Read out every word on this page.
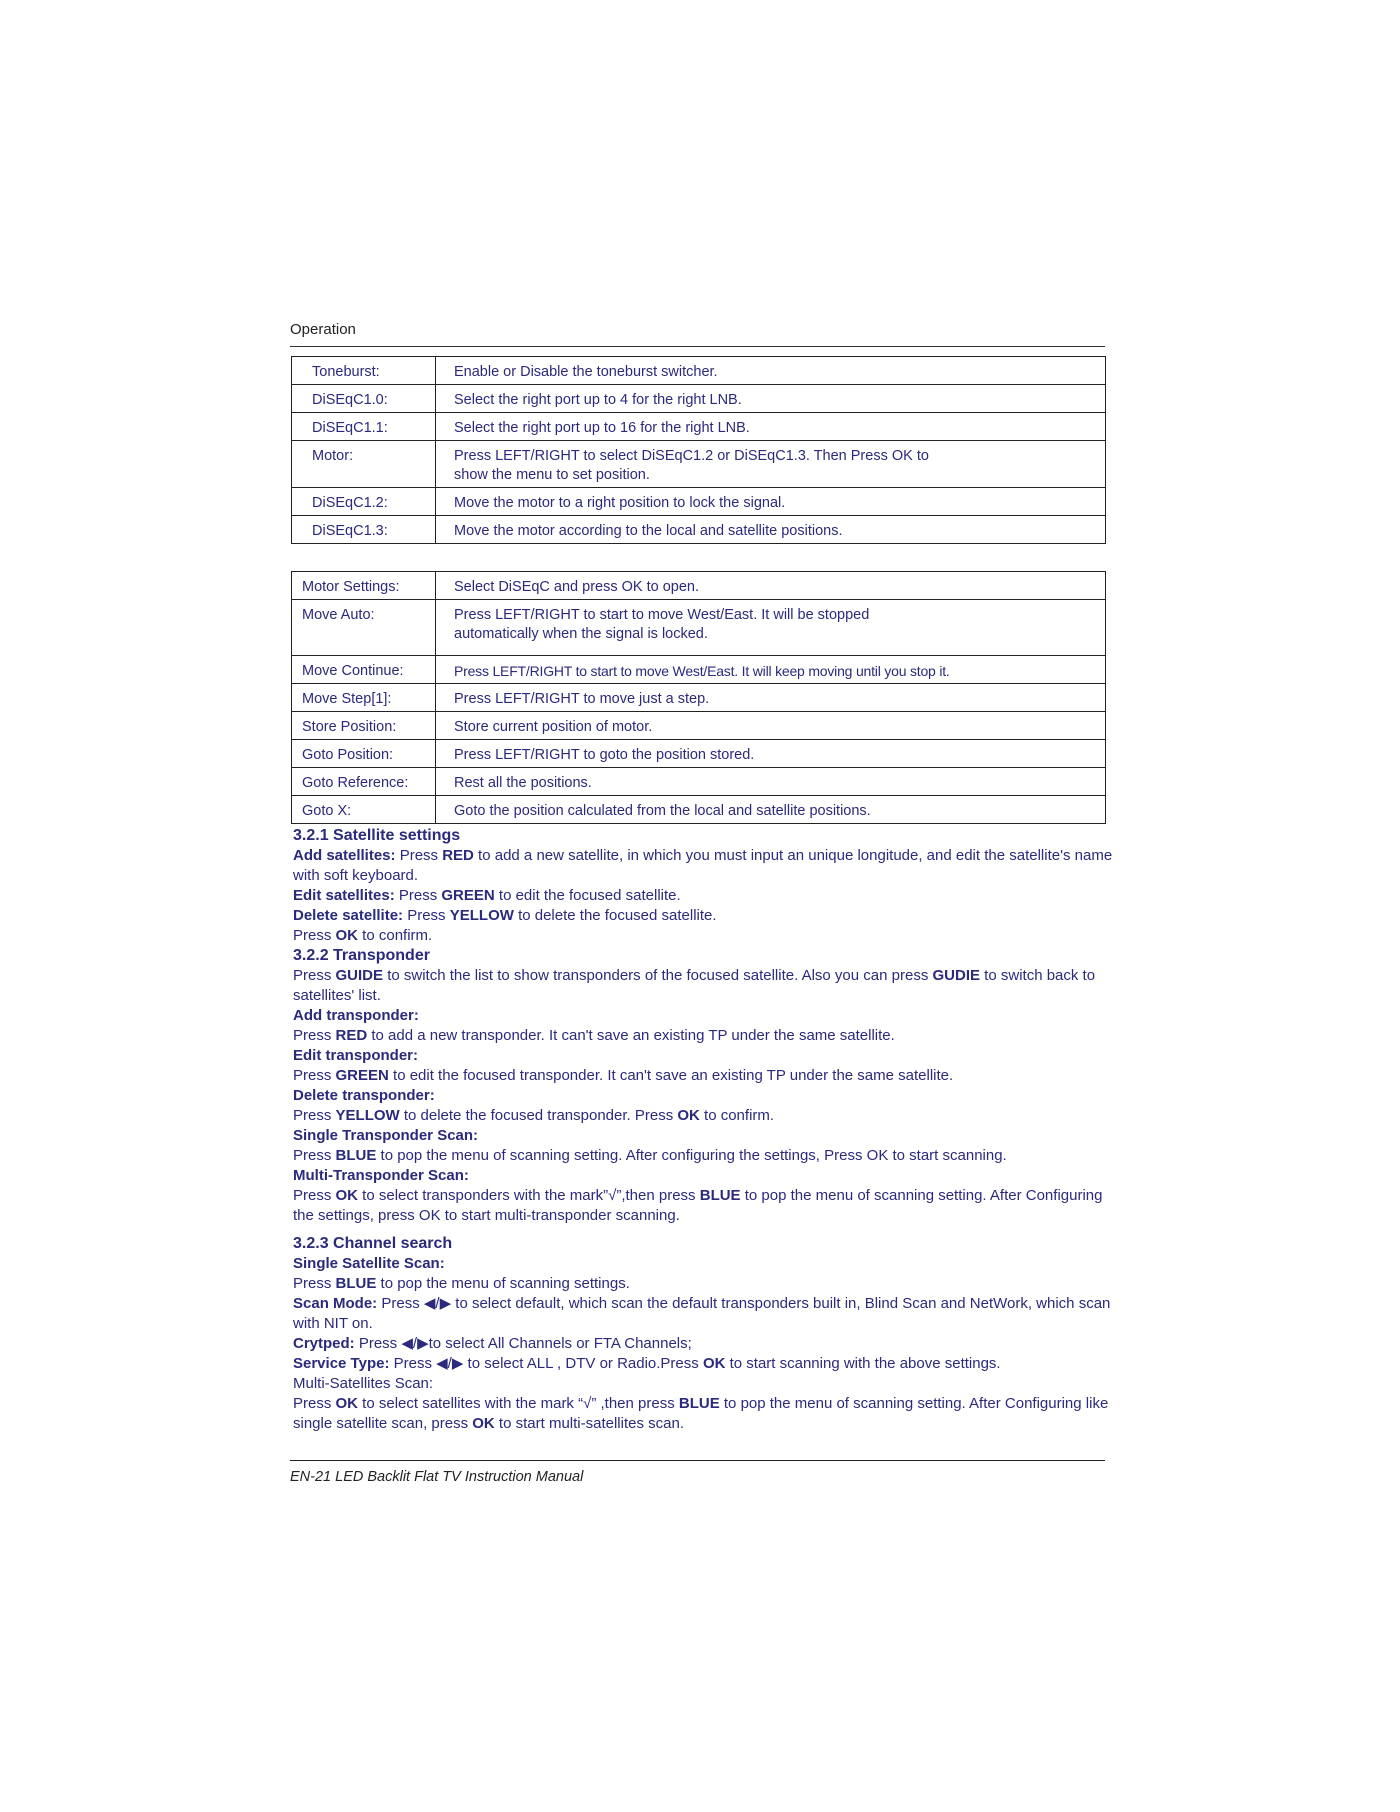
Operation
Toneburst:	Enable or Disable the toneburst switcher.

DiSEqC1.0:	Select the right port up to 4 for the right LNB.

DiSEqC1.1:	Select the right port up to 16 for the right LNB.

Motor:	Press LEFT/RIGHT to select DiSEqC1.2 or DiSEqC1.3. Then Press OK to show the menu to set position.

DiSEqC1.2:	Move the motor to a right position to lock the signal.

DiSEqC1.3:	Move the motor according to the local and satellite positions.
Motor Settings:	Select DiSEqC and press OK to open.

Move Auto:	Press LEFT/RIGHT to start to move West/East. It will be stopped automatically when the signal is locked.

Move Continue:	Press LEFT/RIGHT to start to move West/East. It will keep moving until you stop it.

Move Step[1]:	Press LEFT/RIGHT to move just a step.

Store Position:	Store current position of motor.

Goto Position:	Press LEFT/RIGHT to goto the position stored.

Goto Reference:	Rest all the positions.

Goto X:	Goto the position calculated from the local and satellite positions.

3.2.1 Satellite settings

Add satellites: Press RED to add a new satellite, in which you must input an unique longitude, and edit the satellite's name with soft keyboard.

Edit satellites: Press GREEN to edit the focused satellite.

Delete satellite: Press YELLOW to delete the focused satellite.

Press OK to confirm.

3.2.2 Transponder

Press GUIDE to switch the list to show transponders of the focused satellite. Also you can press GUDIE to switch back to satellites' list.

Add transponder:

Press RED to add a new transponder. It can't save an existing TP under the same satellite.

Edit transponder:

Press GREEN to edit the focused transponder. It can't save an existing TP under the same satellite.

Delete transponder:

Press YELLOW to delete the focused transponder. Press OK to confirm.

Single Transponder Scan:

Press BLUE to pop the menu of scanning setting. After configuring the settings, Press OK to start scanning.

Multi-Transponder Scan:

Press OK to select transponders with the mark”√”,then press BLUE to pop the menu of scanning setting. After Configuring the settings, press OK to start multi-transponder scanning.

3.2.3 Channel search

Single Satellite Scan:

Press BLUE to pop the menu of scanning settings.

Scan Mode: Press ◀/▶ to select default, which scan the default transponders built in, Blind Scan and NetWork, which scan with NIT on.

Crytped: Press ◀/▶to select All Channels or FTA Channels;

Service Type: Press ◀/▶ to select ALL , DTV or Radio.Press OK to start scanning with the above settings.

Multi-Satellites Scan:

Press OK to select satellites with the mark “√” ,then press BLUE to pop the menu of scanning setting. After Configuring like single satellite scan, press OK to start multi-satellites scan.

EN-21 LED Backlit Flat TV Instruction Manual
